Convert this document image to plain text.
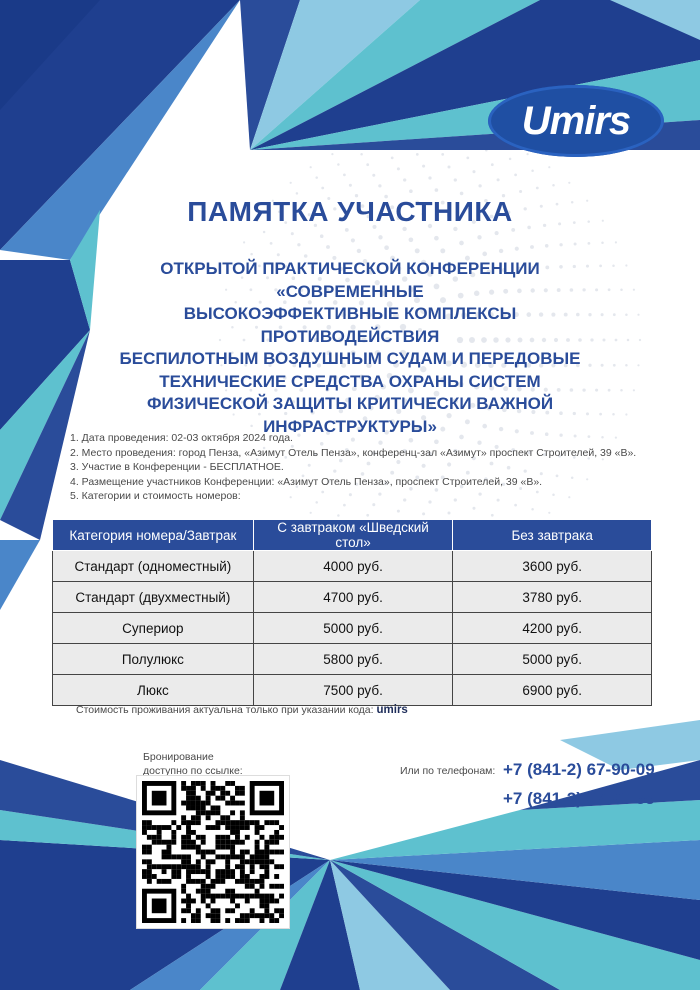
Umirs
ПАМЯТКА УЧАСТНИКА
ОТКРЫТОЙ ПРАКТИЧЕСКОЙ КОНФЕРЕНЦИИ «СОВРЕМЕННЫЕ
ВЫСОКОЭФФЕКТИВНЫЕ КОМПЛЕКСЫ ПРОТИВОДЕЙСТВИЯ
БЕСПИЛОТНЫМ ВОЗДУШНЫМ СУДАМ И ПЕРЕДОВЫЕ
ТЕХНИЧЕСКИЕ СРЕДСТВА ОХРАНЫ СИСТЕМ
ФИЗИЧЕСКОЙ ЗАЩИТЫ КРИТИЧЕСКИ ВАЖНОЙ
ИНФРАСТРУКТУРЫ»
1. Дата проведения: 02-03 октября 2024 года.
2. Место проведения: город Пенза, «Азимут Отель Пенза», конференц-зал «Азимут» проспект Строителей, 39 «В».
3. Участие в Конференции - БЕСПЛАТНОЕ.
4. Размещение участников Конференции: «Азимут Отель Пенза», проспект Строителей, 39 «В».
5. Категории и стоимость номеров:
Категория номера/Завтрак	С завтраком «Шведский стол»	Без завтрака
Стандарт (одноместный)	4000 руб.	3600 руб.
Стандарт (двухместный)	4700 руб.	3780 руб.
Супериор	5000 руб.	4200 руб.
Полулюкс	5800 руб.	5000 руб.
Люкс	7500 руб.	6900 руб.
Стоимость проживания актуальна только при указании кода: umirs
Бронирование
доступно по ссылке:	Или по телефонам: +7 (841-2) 67-90-09,
+7 (841-2) 67-90-55
